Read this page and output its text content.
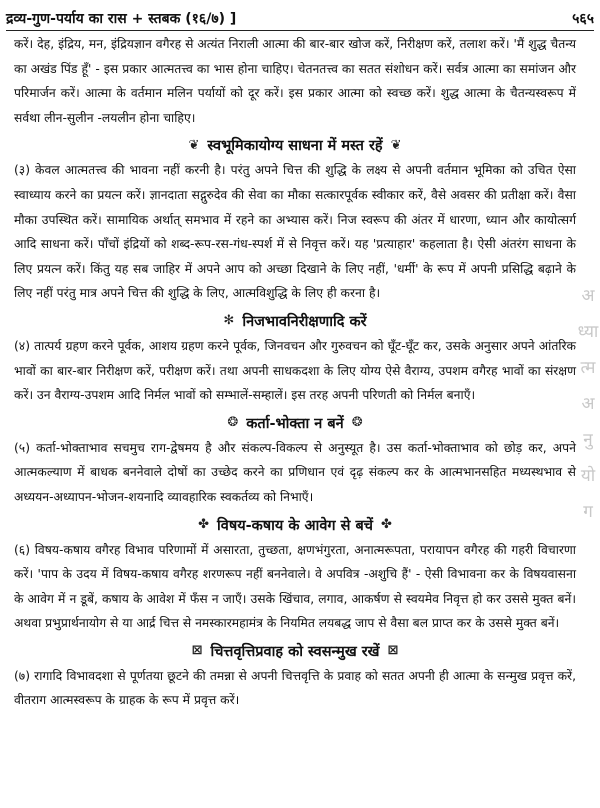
द्रव्य-गुण-पर्याय का रास + स्तबक (१६/७) ]	५६५

करें। देह, इंद्रिय, मन, इंद्रियज्ञान वगैरह से अत्यंत निराली आत्मा की बार-बार खोज करें, निरीक्षण करें, तलाश करें। 'मैं शुद्ध चैतन्य का अखंड पिंड हूँ' - इस प्रकार आत्मतत्त्व का भास होना चाहिए। चेतनतत्त्व का सतत संशोधन करें। सर्वत्र आत्मा का समांजन और परिमार्जन करें। आत्मा के वर्तमान मलिन पर्यायों को दूर करें। इस प्रकार आत्मा को स्वच्छ करें। शुद्ध आत्मा के चैतन्यस्वरूप में सर्वथा लीन-सुलीन -लयलीन होना चाहिए।

❦ स्वभूमिकायोग्य साधना में मस्त रहें ❦

(३) केवल आत्मतत्त्व की भावना नहीं करनी है। परंतु अपने चित्त की शुद्धि के लक्ष्य से अपनी वर्तमान भूमिका को उचित ऐसा स्वाध्याय करने का प्रयत्न करें। ज्ञानदाता सद्गुरुदेव की सेवा का मौका सत्कारपूर्वक स्वीकार करें, वैसे अवसर की प्रतीक्षा करें। वैसा मौका उपस्थित करें। सामायिक अर्थात् समभाव में रहने का अभ्यास करें। निज स्वरूप की अंतर में धारणा, ध्यान और कायोत्सर्ग आदि साधना करें। पाँचों इंद्रियों को शब्द-रूप-रस-गंध-स्पर्श में से निवृत्त करें। यह 'प्रत्याहार' कहलाता है। ऐसी अंतरंग साधना के लिए प्रयत्न करें। किंतु यह सब जाहिर में अपने आप को अच्छा दिखाने के लिए नहीं, 'धर्मी' के रूप में अपनी प्रसिद्धि बढ़ाने के लिए नहीं परंतु मात्र अपने चित्त की शुद्धि के लिए, आत्मविशुद्धि के लिए ही करना है।

✻ निजभावनिरीक्षणादि करें

(४) तात्पर्य ग्रहण करने पूर्वक, आशय ग्रहण करने पूर्वक, जिनवचन और गुरुवचन को घूँट-घूँट कर, उसके अनुसार अपने आंतरिक भावों का बार-बार निरीक्षण करें, परीक्षण करें। तथा अपनी साधकदशा के लिए योग्य ऐसे वैराग्य, उपशम वगैरह भावों का संरक्षण करें। उन वैराग्य-उपशम आदि निर्मल भावों को सम्भालें-सम्हालें। इस तरह अपनी परिणती को निर्मल बनाएँ।

❂ कर्ता-भोक्ता न बनें ❂

(५) कर्ता-भोक्ताभाव सचमुच राग-द्वेषमय है और संकल्प-विकल्प से अनुस्यूत है। उस कर्ता-भोक्ताभाव को छोड़ कर, अपने आत्मकल्याण में बाधक बननेवाले दोषों का उच्छेद करने का प्रणिधान एवं दृढ़ संकल्प कर के आत्मभानसहित मध्यस्थभाव से अध्ययन-अध्यापन-भोजन-शयनादि व्यावहारिक स्वकर्तव्य को निभाएँ।

✤ विषय-कषाय के आवेग से बचें ✤

(६) विषय-कषाय वगैरह विभाव परिणामों में असारता, तुच्छता, क्षणभंगुरता, अनात्मरूपता, परायापन वगैरह की गहरी विचारणा करें। 'पाप के उदय में विषय-कषाय वगैरह शरणरूप नहीं बननेवाले। वे अपवित्र -अशुचि हैं' - ऐसी विभावना कर के विषयवासना के आवेग में न डूबें, कषाय के आवेश में फँस न जाएँ। उसके खिंचाव, लगाव, आकर्षण से स्वयमेव निवृत्त हो कर उससे मुक्त बनें। अथवा प्रभुप्रार्थनायोग से या आर्द्र चित्त से नमस्कारमहामंत्र के नियमित लयबद्ध जाप से वैसा बल प्राप्त कर के उससे मुक्त बनें।

⊠ चित्तवृत्तिप्रवाह को स्वसन्मुख रखें ⊠

(७) रागादि विभावदशा से पूर्णतया छूटने की तमन्ना से अपनी चित्तवृत्ति के प्रवाह को सतत अपनी ही आत्मा के सन्मुख प्रवृत्त करें, वीतराग आत्मस्वरूप के ग्राहक के रूप में प्रवृत्त करें।

अ
ध्या
त्म
अ
नु
यो
ग
